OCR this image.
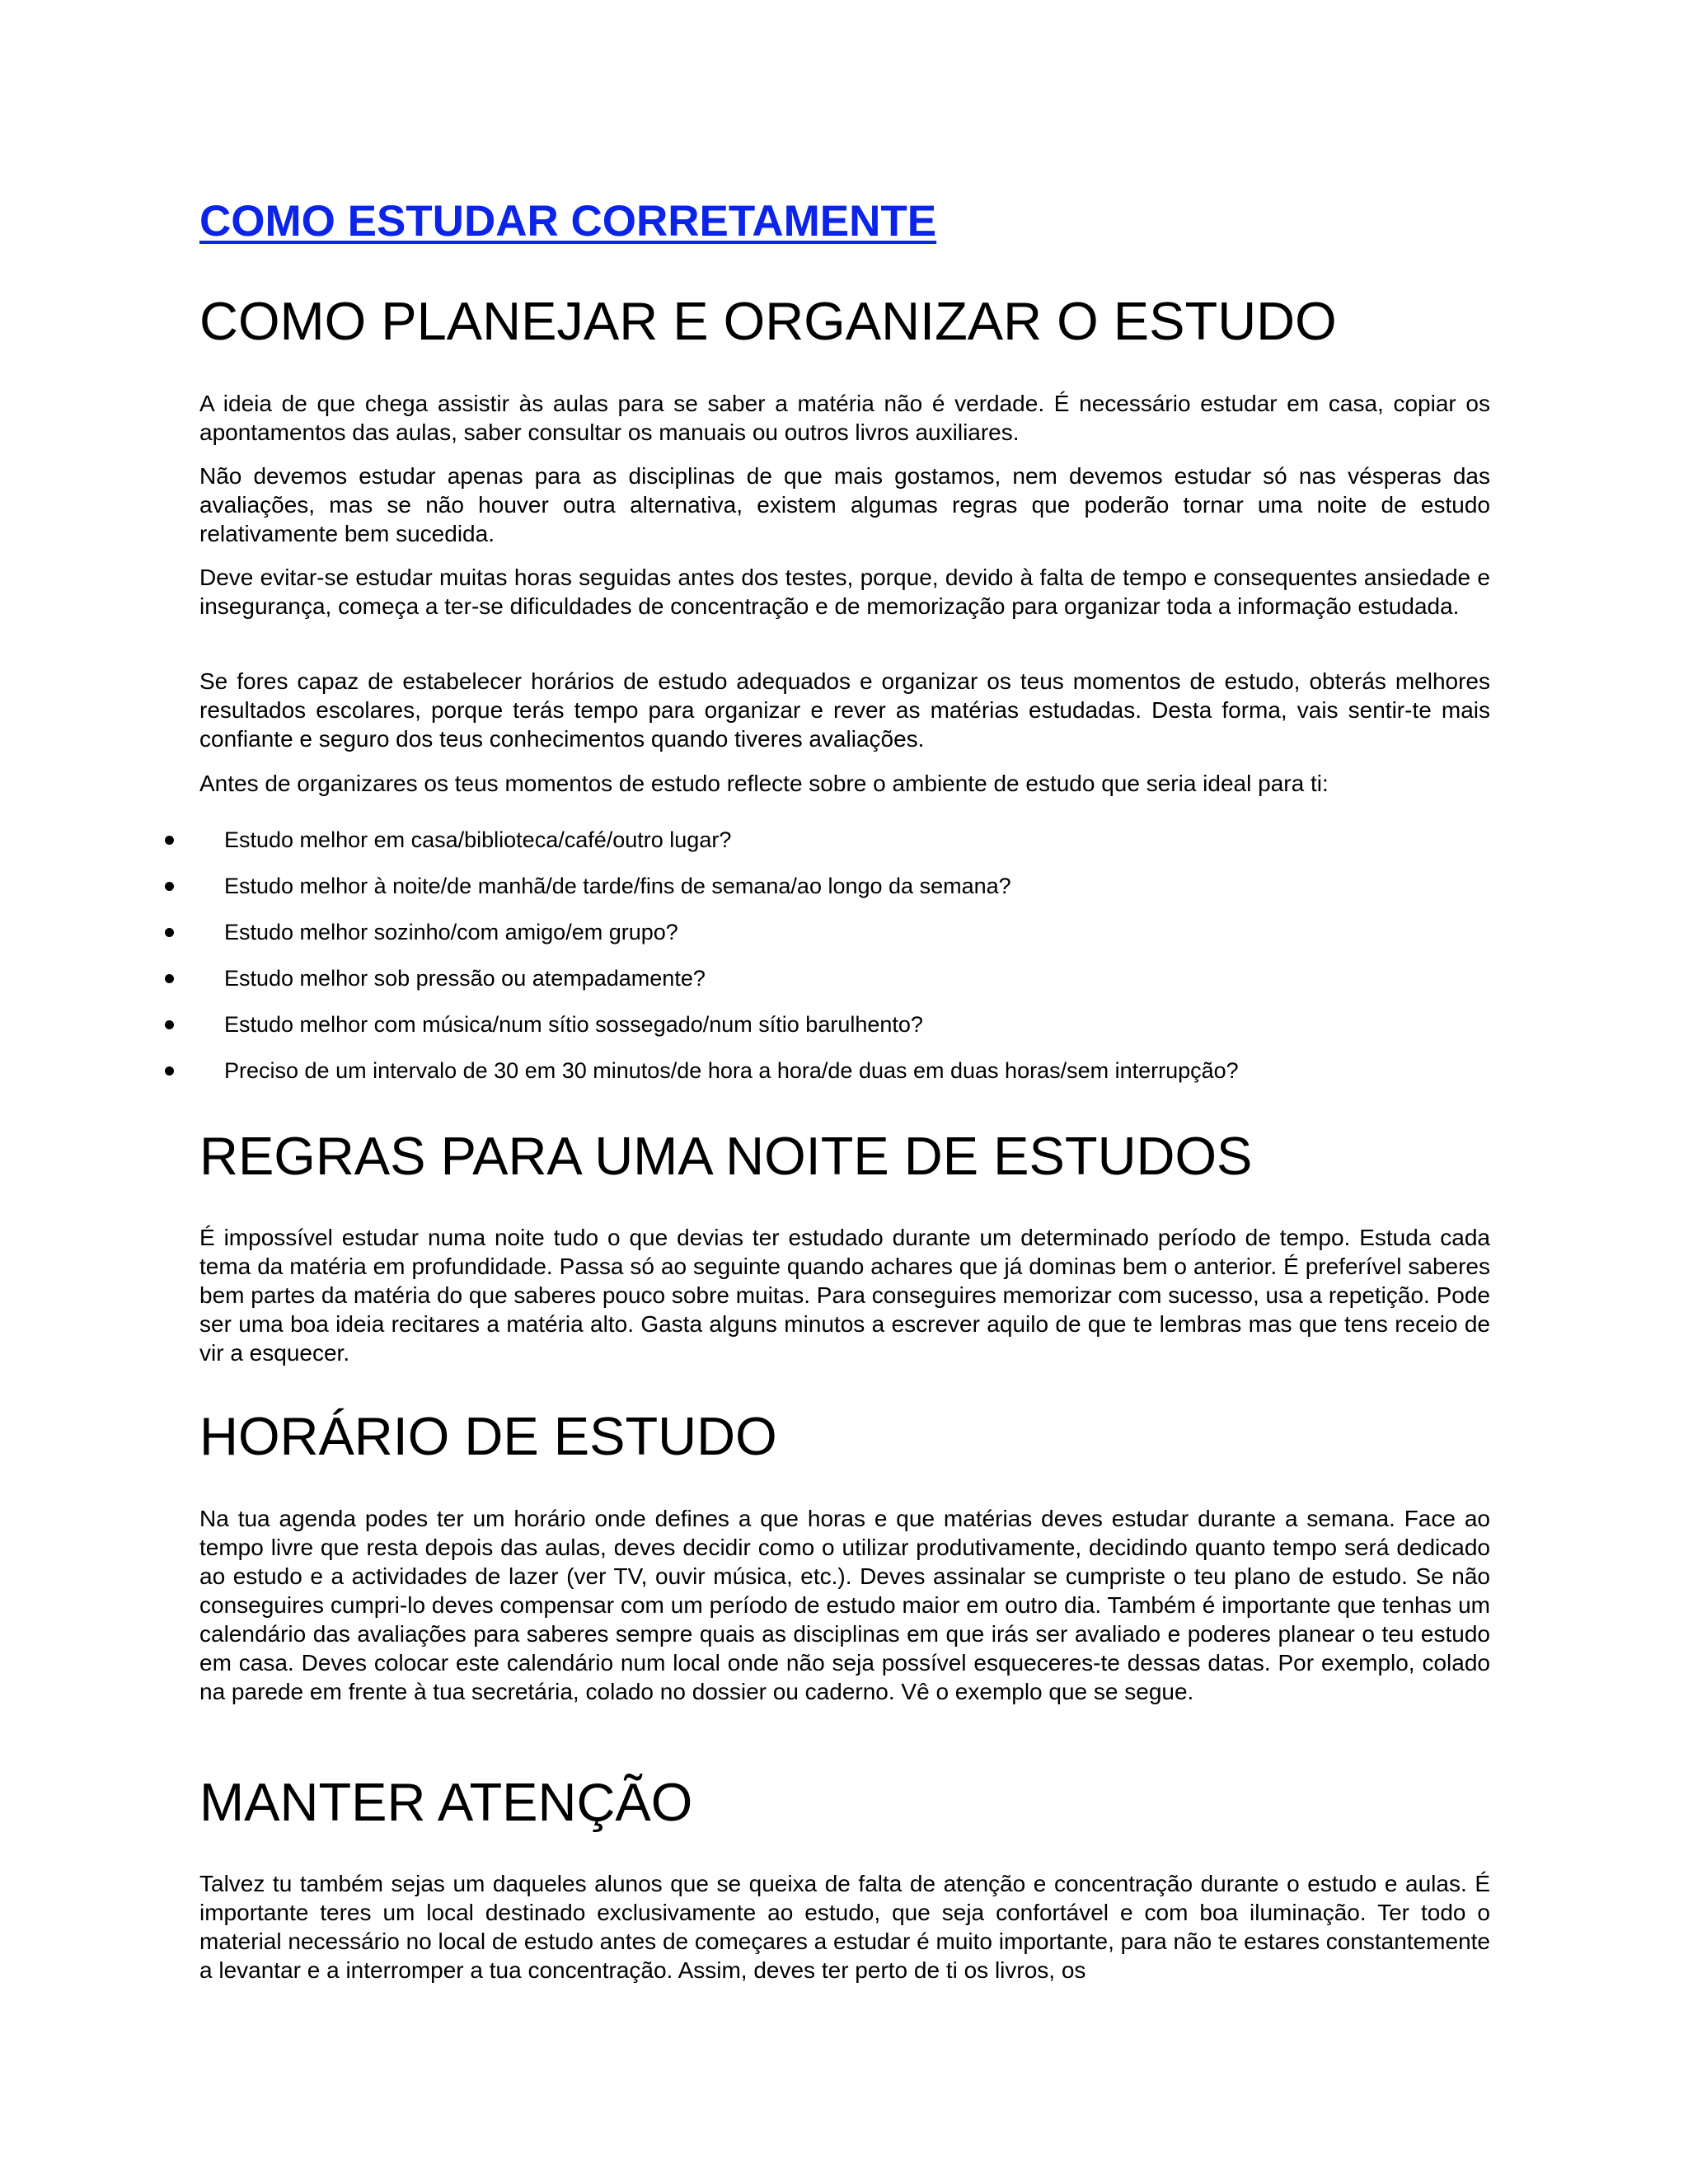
COMO ESTUDAR CORRETAMENTE
COMO PLANEJAR E ORGANIZAR O ESTUDO

A ideia de que chega assistir às aulas para se saber a matéria não é verdade. É necessário estudar em casa, copiar os apontamentos das aulas, saber consultar os manuais ou outros livros auxiliares.

Não devemos estudar apenas para as disciplinas de que mais gostamos, nem devemos estudar só nas vésperas das avaliações, mas se não houver outra alternativa, existem algumas regras que poderão tornar uma noite de estudo relativamente bem sucedida.

Deve evitar-se estudar muitas horas seguidas antes dos testes, porque, devido à falta de tempo e consequentes ansiedade e insegurança, começa a ter-se dificuldades de concentração e de memorização para organizar toda a informação estudada.

Se fores capaz de estabelecer horários de estudo adequados e organizar os teus momentos de estudo, obterás melhores resultados escolares, porque terás tempo para organizar e rever as matérias estudadas. Desta forma, vais sentir-te mais confiante e seguro dos teus conhecimentos quando tiveres avaliações.

Antes de organizares os teus momentos de estudo reflecte sobre o ambiente de estudo que seria ideal para ti:

Estudo melhor em casa/biblioteca/café/outro lugar?
Estudo melhor à noite/de manhã/de tarde/fins de semana/ao longo da semana?
Estudo melhor sozinho/com amigo/em grupo?
Estudo melhor sob pressão ou atempadamente?
Estudo melhor com música/num sítio sossegado/num sítio barulhento?
Preciso de um intervalo de 30 em 30 minutos/de hora a hora/de duas em duas horas/sem interrupção?
REGRAS PARA UMA NOITE DE ESTUDOS

É impossível estudar numa noite tudo o que devias ter estudado durante um determinado período de tempo. Estuda cada tema da matéria em profundidade. Passa só ao seguinte quando achares que já dominas bem o anterior. É preferível saberes bem partes da matéria do que saberes pouco sobre muitas. Para conseguires memorizar com sucesso, usa a repetição. Pode ser uma boa ideia recitares a matéria alto. Gasta alguns minutos a escrever aquilo de que te lembras mas que tens receio de vir a esquecer.

HORÁRIO DE ESTUDO

Na tua agenda podes ter um horário onde defines a que horas e que matérias deves estudar durante a semana. Face ao tempo livre que resta depois das aulas, deves decidir como o utilizar produtivamente, decidindo quanto tempo será dedicado ao estudo e a actividades de lazer (ver TV, ouvir música, etc.). Deves assinalar se cumpriste o teu plano de estudo. Se não conseguires cumpri-lo deves compensar com um período de estudo maior em outro dia. Também é importante que tenhas um calendário das avaliações para saberes sempre quais as disciplinas em que irás ser avaliado e poderes planear o teu estudo em casa. Deves colocar este calendário num local onde não seja possível esqueceres-te dessas datas. Por exemplo, colado na parede em frente à tua secretária, colado no dossier ou caderno. Vê o exemplo que se segue.

MANTER ATENÇÃO

Talvez tu também sejas um daqueles alunos que se queixa de falta de atenção e concentração durante o estudo e aulas. É importante teres um local destinado exclusivamente ao estudo, que seja confortável e com boa iluminação. Ter todo o material necessário no local de estudo antes de começares a estudar é muito importante, para não te estares constantemente a levantar e a interromper a tua concentração. Assim, deves ter perto de ti os livros, os
